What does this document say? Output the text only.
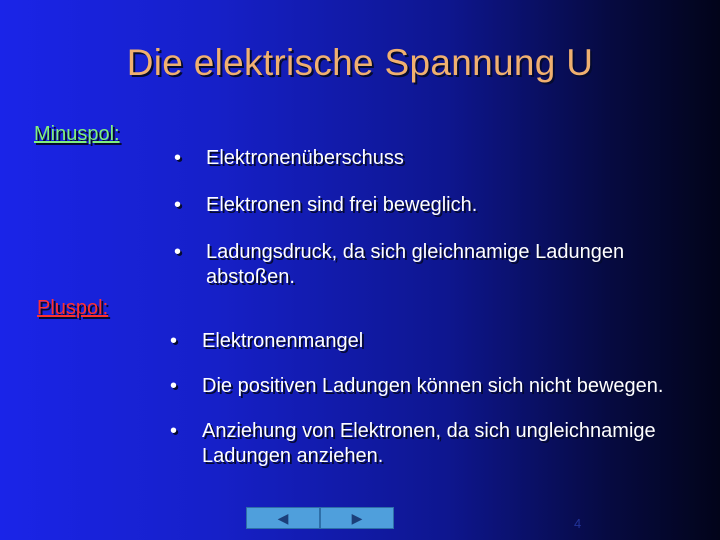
Die elektrische Spannung U
Minuspol:
• Elektronenüberschuss
• Elektronen sind frei beweglich.
• Ladungsdruck, da sich gleichnamige Ladungen abstoßen.
Pluspol:
• Elektronenmangel
• Die positiven Ladungen können sich nicht bewegen.
• Anziehung von Elektronen, da sich ungleichnamige Ladungen anziehen.
◀	▶	4
